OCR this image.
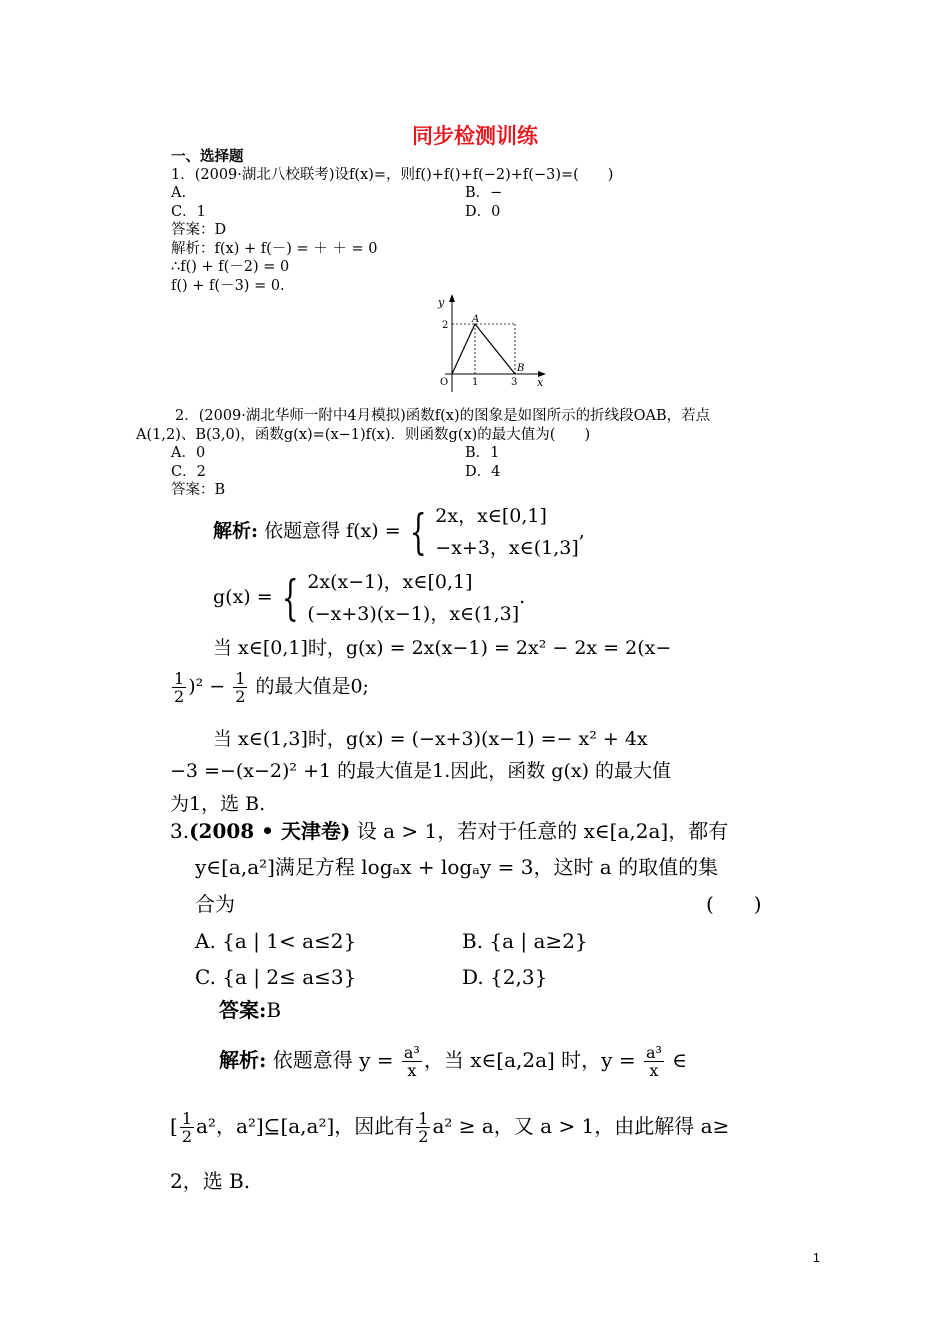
同步检测训练
一、选择题
1．(2009·湖北八校联考)设f(x)=，则f()+f()+f(−2)+f(−3)=(　　)
A.	B．−
C．1	D．0
答案：D
解析：f(x) + f(－) = ＋ ＋ = 0
∴f() + f(－2) = 0
f() + f(－3) = 0.
y
x
O
A
B
2
1	3
2．(2009·湖北华师一附中4月模拟)函数f(x)的图象是如图所示的折线段OAB，若点
A(1,2)、B(3,0)，函数g(x)=(x−1)f(x)．则函数g(x)的最大值为(　　)
A．0	B．1
C．2	D．4
答案：B
解析: 依题意得 f(x) = { 2x，x∈[0,1]
−x+3，x∈(1,3]
,
g(x) = { 2x(x−1)，x∈[0,1]
(−x+3)(x−1)，x∈(1,3]
.
当 x∈[0,1]时，g(x) = 2x(x−1) = 2x² − 2x = 2(x−
$\frac{1}{2} )^2 - \frac{1}{2}$ 的最大值是0;
当 x∈(1,3]时，g(x) = (−x+3)(x−1) =− x² + 4x
−3 =−(x−2)² +1 的最大值是1.因此，函数 g(x) 的最大值
为1，选 B.
3.(2008 • 天津卷) 设 a > 1，若对于任意的 x∈[a,2a]，都有
y∈[a,a²]满足方程 logₐx + logₐy = 3，这时 a 的取值的集
合为	(　　)
A. {a | 1< a≤2}	B. {a | a≥2}
C. {a | 2≤ a≤3}	D. {2,3}
答案:B
解析: 依题意得 $y = \frac{\text{a³}}{x}$ ，当 x∈[a,2a] 时，$y = \frac{\text{a³}}{x}$ ∈
[ $\frac{1}{2} a^2$，a²]⊆[a,a²]，因此有 $\frac{1}{2} a^2 \ge a$，又 a > 1，由此解得 a≥
2，选 B.
1
